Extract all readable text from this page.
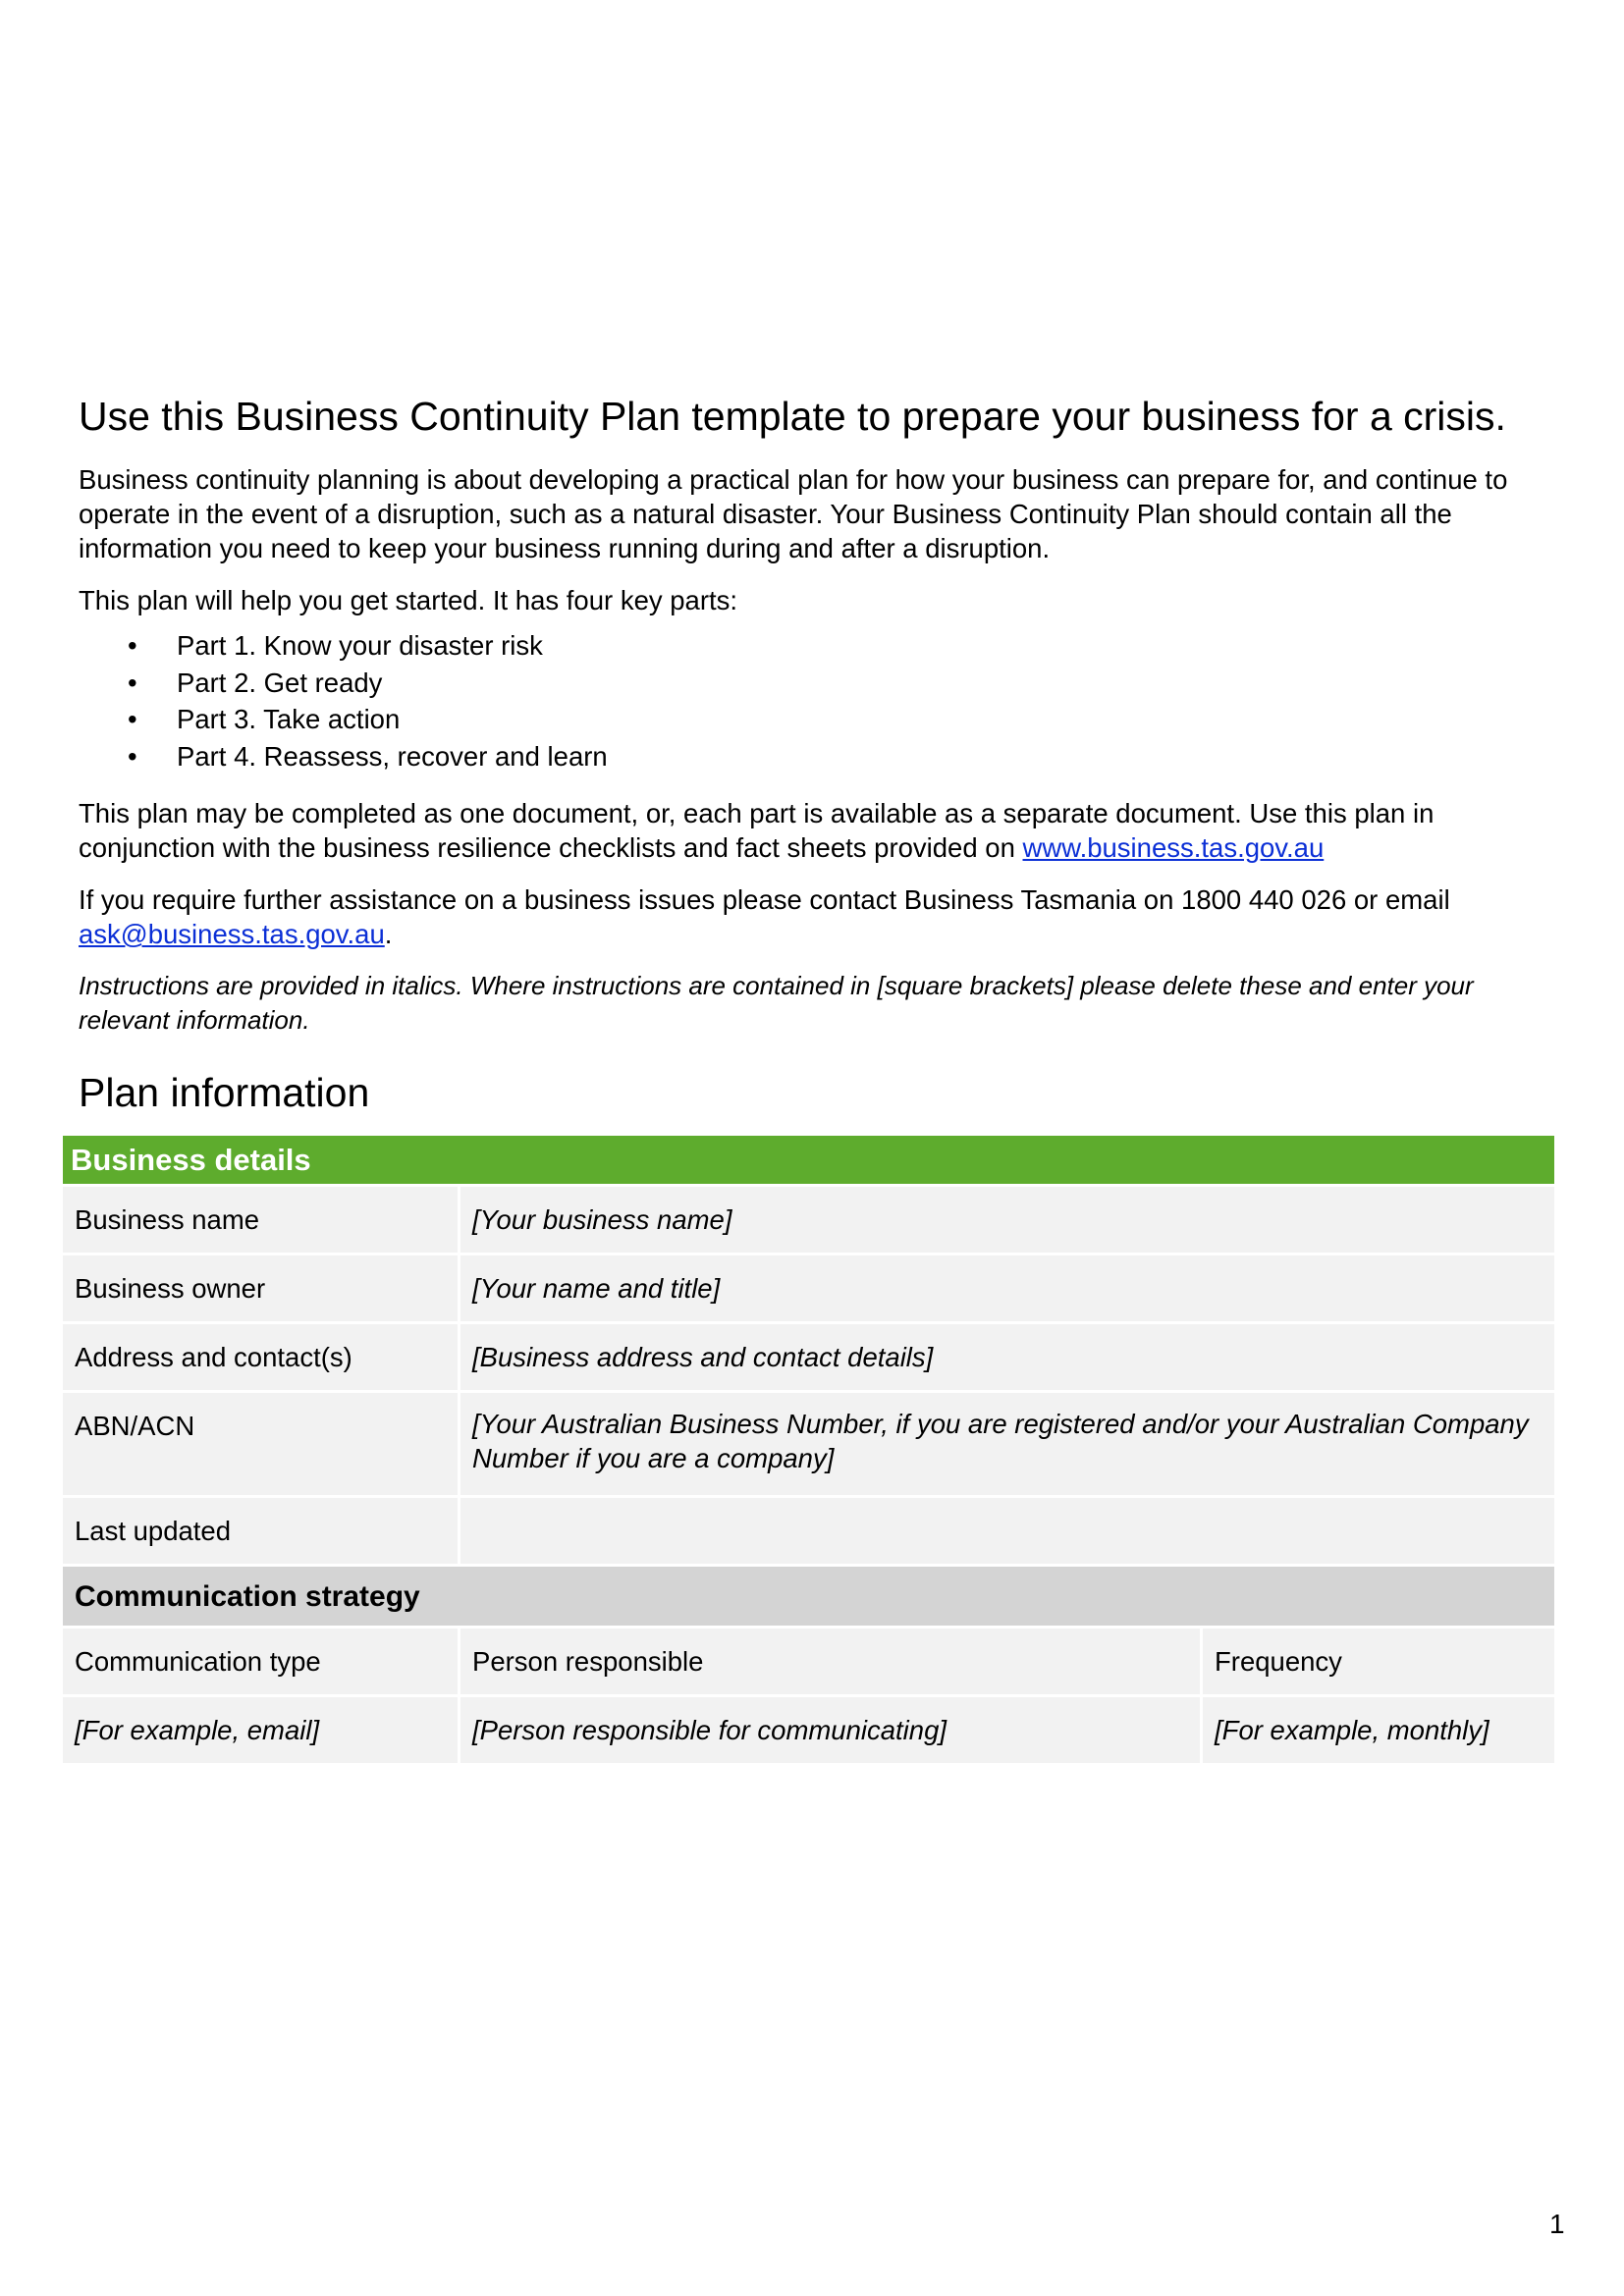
Use this Business Continuity Plan template to prepare your business for a crisis.

Business continuity planning is about developing a practical plan for how your business can prepare for, and continue to operate in the event of a disruption, such as a natural disaster. Your Business Continuity Plan should contain all the information you need to keep your business running during and after a disruption.

This plan will help you get started. It has four key parts:

• Part 1. Know your disaster risk
• Part 2. Get ready
• Part 3. Take action
• Part 4. Reassess, recover and learn

This plan may be completed as one document, or, each part is available as a separate document. Use this plan in conjunction with the business resilience checklists and fact sheets provided on www.business.tas.gov.au

If you require further assistance on a business issues please contact Business Tasmania on 1800 440 026 or email ask@business.tas.gov.au.

Instructions are provided in italics. Where instructions are contained in [square brackets] please delete these and enter your relevant information.

Plan information
Business details		
Business name	[Your business name]	
Business owner	[Your name and title]	
Address and contact(s)	[Business address and contact details]	
ABN/ACN	[Your Australian Business Number, if you are registered and/or your Australian Company Number if you are a company]	
Last updated		
Communication strategy		
Communication type	Person responsible	Frequency
[For example, email]	[Person responsible for communicating]	[For example, monthly]
1
